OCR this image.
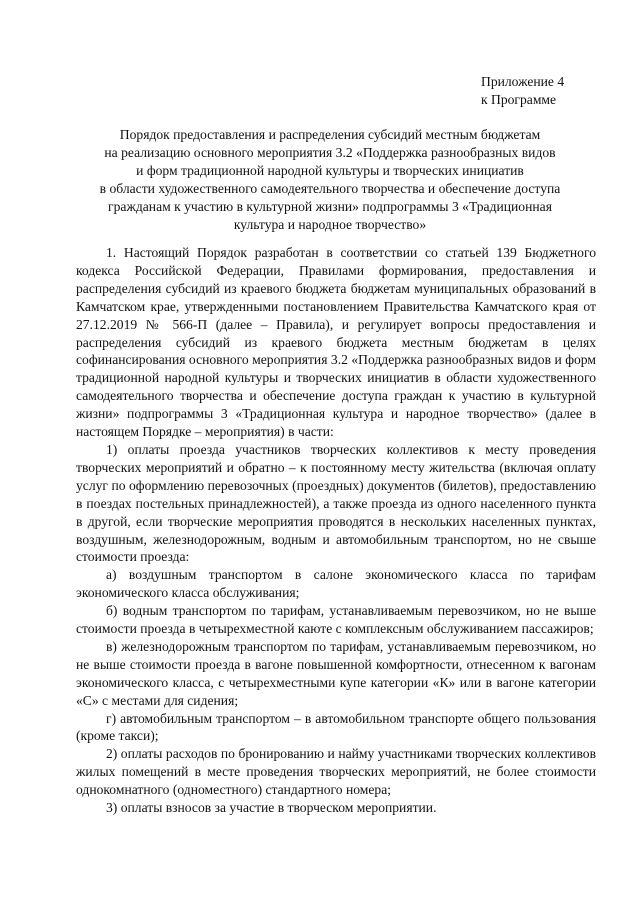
Приложение 4
к Программе
Порядок предоставления и распределения субсидий местным бюджетам
на реализацию основного мероприятия 3.2 «Поддержка разнообразных видов
и форм традиционной народной культуры и творческих инициатив
в области художественного самодеятельного творчества и обеспечение доступа
гражданам к участию в культурной жизни» подпрограммы 3 «Традиционная
культура и народное творчество»

1. Настоящий Порядок разработан в соответствии со статьей 139 Бюджетного кодекса Российской Федерации, Правилами формирования, предоставления и распределения субсидий из краевого бюджета бюджетам муниципальных образований в Камчатском крае, утвержденными постановлением Правительства Камчатского края от 27.12.2019 № 566-П (далее – Правила), и регулирует вопросы предоставления и распределения субсидий из краевого бюджета местным бюджетам в целях софинансирования основного мероприятия 3.2 «Поддержка разнообразных видов и форм традиционной народной культуры и творческих инициатив в области художественного самодеятельного творчества и обеспечение доступа граждан к участию в культурной жизни» подпрограммы 3 «Традиционная культура и народное творчество» (далее в настоящем Порядке – мероприятия) в части:

1) оплаты проезда участников творческих коллективов к месту проведения творческих мероприятий и обратно – к постоянному месту жительства (включая оплату услуг по оформлению перевозочных (проездных) документов (билетов), предоставлению в поездах постельных принадлежностей), а также проезда из одного населенного пункта в другой, если творческие мероприятия проводятся в нескольких населенных пунктах, воздушным, железнодорожным, водным и автомобильным транспортом, но не свыше стоимости проезда:

а) воздушным транспортом в салоне экономического класса по тарифам экономического класса обслуживания;

б) водным транспортом по тарифам, устанавливаемым перевозчиком, но не выше стоимости проезда в четырехместной каюте с комплексным обслуживанием пассажиров;

в) железнодорожным транспортом по тарифам, устанавливаемым перевозчиком, но не выше стоимости проезда в вагоне повышенной комфортности, отнесенном к вагонам экономического класса, с четырехместными купе категории «К» или в вагоне категории «С» с местами для сидения;

г) автомобильным транспортом – в автомобильном транспорте общего пользования (кроме такси);

2) оплаты расходов по бронированию и найму участниками творческих коллективов жилых помещений в месте проведения творческих мероприятий, не более стоимости однокомнатного (одноместного) стандартного номера;

3) оплаты взносов за участие в творческом мероприятии.
